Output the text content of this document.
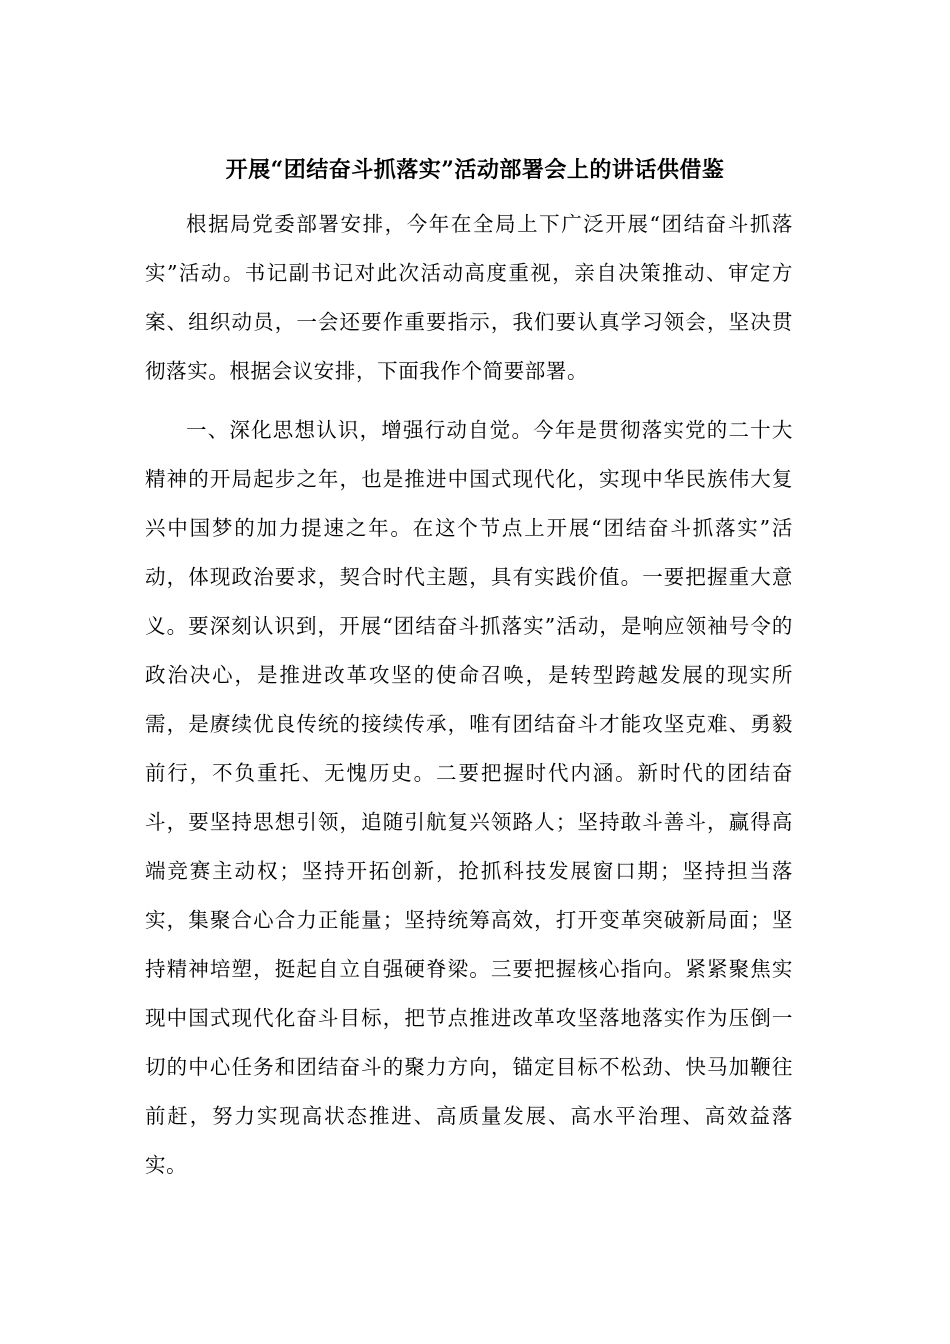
开展“团结奋斗抓落实”活动部署会上的讲话供借鉴

根据局党委部署安排，今年在全局上下广泛开展“团结奋斗抓落实”活动。书记副书记对此次活动高度重视，亲自决策推动、审定方案、组织动员，一会还要作重要指示，我们要认真学习领会，坚决贯彻落实。根据会议安排，下面我作个简要部署。

一、深化思想认识，增强行动自觉。今年是贯彻落实党的二十大精神的开局起步之年，也是推进中国式现代化，实现中华民族伟大复兴中国梦的加力提速之年。在这个节点上开展“团结奋斗抓落实”活动，体现政治要求，契合时代主题，具有实践价值。一要把握重大意义。要深刻认识到，开展“团结奋斗抓落实”活动，是响应领袖号令的政治决心，是推进改革攻坚的使命召唤，是转型跨越发展的现实所需，是赓续优良传统的接续传承，唯有团结奋斗才能攻坚克难、勇毅前行，不负重托、无愧历史。二要把握时代内涵。新时代的团结奋斗，要坚持思想引领，追随引航复兴领路人；坚持敢斗善斗，赢得高端竞赛主动权；坚持开拓创新，抢抓科技发展窗口期；坚持担当落实，集聚合心合力正能量；坚持统筹高效，打开变革突破新局面；坚持精神培塑，挺起自立自强硬脊梁。三要把握核心指向。紧紧聚焦实现中国式现代化奋斗目标，把节点推进改革攻坚落地落实作为压倒一切的中心任务和团结奋斗的聚力方向，锚定目标不松劲、快马加鞭往前赶，努力实现高状态推进、高质量发展、高水平治理、高效益落实。
